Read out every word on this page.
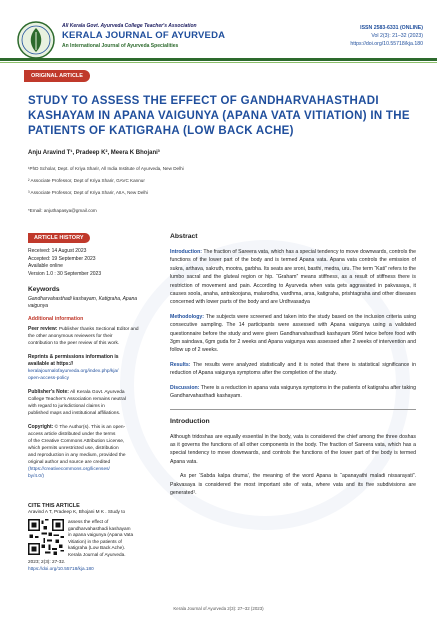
All Kerala Govt. Ayurveda College Teacher's Association
KERALA JOURNAL OF AYURVEDA
An International Journal of Ayurveda Specialities
ISSN 2583-6331 (ONLINE)
Vol 2(3): 21–32 (2023)
https://doi.org/10.55718/kja.180
ORIGINAL ARTICLE
STUDY TO ASSESS THE EFFECT OF GANDHARVAHASTHADI KASHAYAM IN APANA VAIGUNYA (APANA VATA VITIATION) IN THE PATIENTS OF KATIGRAHA (LOW BACK ACHE)
Anju Aravind T¹, Pradeep K², Meera K Bhojani³
¹PhD Scholar, Dept. of Kriya Sharir, All India Institute of Ayurveda, New Delhi
² Associate Professor, Dept of Kriya Sharir, GAVC Kannur
³ Associate Professor, Dept of Kriya Sharir, AIIA, New Delhi
*Email: anjuthapasya@gmail.com
ARTICLE HISTORY
Received: 14 August 2023
Accepted: 19 September 2023
Available online
Version 1.0 : 30 September 2023
Keywords
Gandharvahasthadi kashayam, Katigraha, Apana vaigunya
Additional information
Peer review: Publisher thanks Sectional Editor and
the other anonymous reviewers for their
contribution to the peer review of this work.
Reprints & permissions information is
available at https://
keralajournalofayurveda.org/index.php/kja/
open-access-policy
Publisher's Note: All Kerala Govt. Ayurveda
College Teacher's Association remains neutral
with regard to jurisdictional claims in
published maps and institutional affiliations.
Copyright: © The Author(s). This is an open-
access article distributed under the terms
of the Creative Commons Attribution License,
which permits unrestricted use, distribution
and reproduction in any medium, provided the
original author and source are credited
(https://creativecommons.org/licenses/
by/4.0/)
CITE THIS ARTICLE
Aravind A T, Pradeep K, Bhojani M K . Study to
assess the effect of
gandharvahasthadi kashayam
in apana vaigunya (Apana Vata
Vitiation) in the patients of
katigraha (Low Back Ache).
Kerala Journal of Ayurveda.
2023; 2(3): 27-32.
https://doi.org/10.55718/kja.180
Abstract

Introduction: The fraction of Sareera vata, which has a special tendency to move downwards, controls the functions of the lower part of the body and is termed Apana vata. Apana vata controls the emission of sukra, arthava, sakruth, mootra, garbha. Its seats are sroni, basthi, medra, uru. The term “Kati” refers to the lumbo sacral and the gluteal region or hip. “Graham” means stiffness, as a result of stiffness there is restriction of movement and pain. According to Ayurveda when vata gets aggravated in pakvasaya, it causes soola, anaha, antrakoojana, malarodha, vardhma, arsa, katigraha, prishtagraha and other diseases concerned with lower parts of the body and are Urdhvasadya

Methodology: The subjects were screened and taken into the study based on the inclusion criteria using consecutive sampling. The 14 participants were assessed with Apana vaigunya using a validated questionnaire before the study and were given Gandharvahasthadi kashayam 96ml twice before food with 3gm saindava, 6gm guda for 2 weeks and Apana vaigunya was assessed after 2 weeks of intervention and follow up of 2 weeks.

Results: The results were analyzed statistically and it is noted that there is statistical significance in reduction of Apana vaigunya symptoms after the completion of the study.

Discussion: There is a reduction in apana vata vaigunya symptoms in the patients of katigraha after taking Gandharvahasthadi kashayam.

Introduction

Although tridoshas are equally essential in the body, vata is considered the chief among the three doshas as it governs the functions of all other components in the body. The fraction of Sareera vata, which has a special tendency to move downwards, and controls the functions of the lower part of the body is termed Apana vata.

As per ‘Sabda kalpa druma’, the meaning of the word Apana is “apanayathi maladi nissarayati”. Pakvasaya is considered the most important site of vata, where vata and its five subdivisions are generated¹.

Kerala Journal of Ayurveda 2(3): 27–32 (2023)
